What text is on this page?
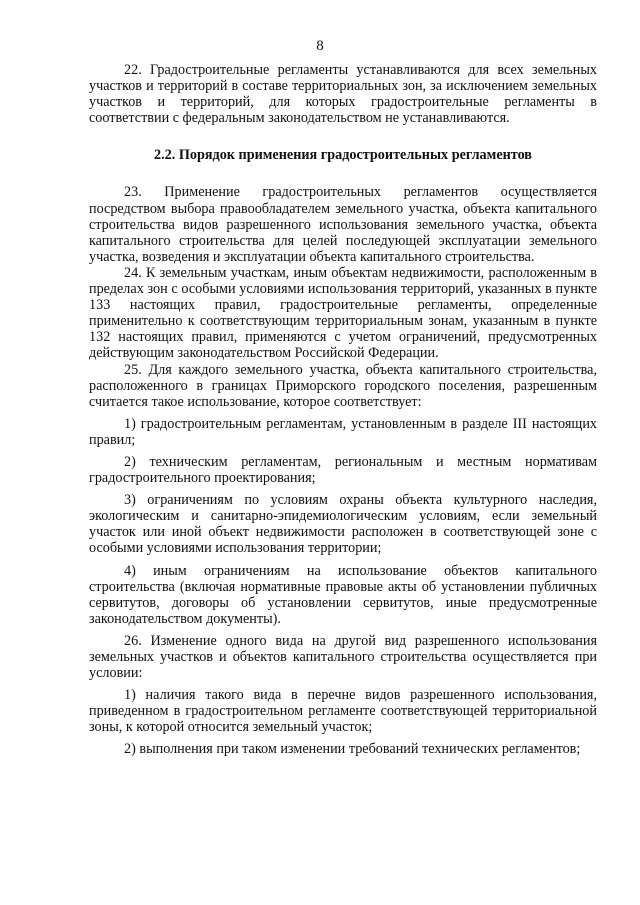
8

22. Градостроительные регламенты устанавливаются для всех земельных участков и территорий в составе территориальных зон, за исключением земельных участков и территорий, для которых градостроительные регламенты в соответствии с федеральным законодательством не устанавливаются.

2.2. Порядок применения градостроительных регламентов

23. Применение градостроительных регламентов осуществляется посредством выбора правообладателем земельного участка, объекта капитального строительства видов разрешенного использования земельного участка, объекта капитального строительства для целей последующей эксплуатации земельного участка, возведения и эксплуатации объекта капитального строительства.

24. К земельным участкам, иным объектам недвижимости, расположенным в пределах зон с особыми условиями использования территорий, указанных в пункте 133 настоящих правил, градостроительные регламенты, определенные применительно к соответствующим территориальным зонам, указанным в пункте 132 настоящих правил, применяются с учетом ограничений, предусмотренных действующим законодательством Российской Федерации.

25. Для каждого земельного участка, объекта капитального строительства, расположенного в границах Приморского городского поселения, разрешенным считается такое использование, которое соответствует:

1) градостроительным регламентам, установленным в разделе III настоящих правил;

2) техническим регламентам, региональным и местным нормативам градостроительного проектирования;

3) ограничениям по условиям охраны объекта культурного наследия, экологическим и санитарно-эпидемиологическим условиям, если земельный участок или иной объект недвижимости расположен в соответствующей зоне с особыми условиями использования территории;

4) иным ограничениям на использование объектов капитального строительства (включая нормативные правовые акты об установлении публичных сервитутов, договоры об установлении сервитутов, иные предусмотренные законодательством документы).

26. Изменение одного вида на другой вид разрешенного использования земельных участков и объектов капитального строительства осуществляется при условии:

1) наличия такого вида в перечне видов разрешенного использования, приведенном в градостроительном регламенте соответствующей территориальной зоны, к которой относится земельный участок;

2) выполнения при таком изменении требований технических регламентов;
